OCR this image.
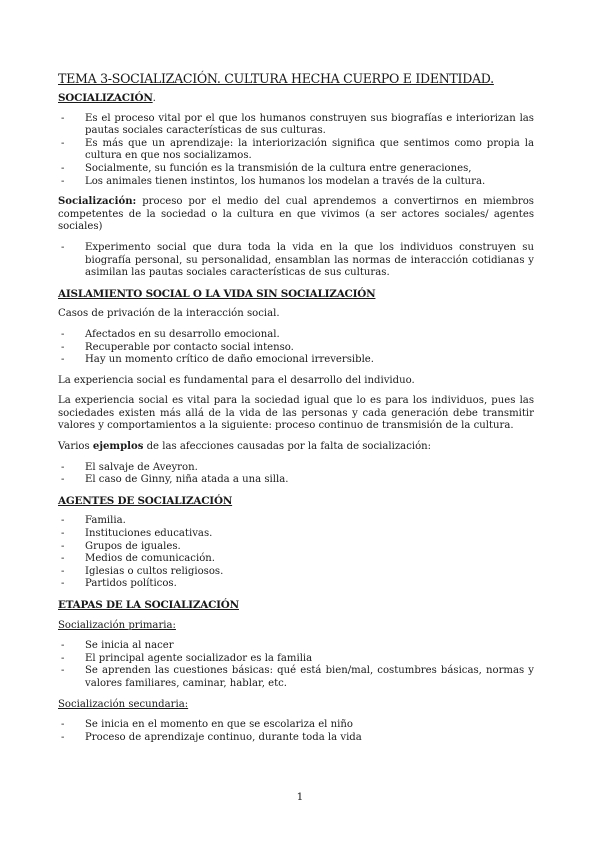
TEMA 3-SOCIALIZACIÓN. CULTURA HECHA CUERPO E IDENTIDAD.
SOCIALIZACIÓN.
- Es el proceso vital por el que los humanos construyen sus biografías e interiorizan las pautas sociales características de sus culturas.
- Es más que un aprendizaje: la interiorización significa que sentimos como propia la cultura en que nos socializamos.
- Socialmente, su función es la transmisión de la cultura entre generaciones,
- Los animales tienen instintos, los humanos los modelan a través de la cultura.

Socialización: proceso por el medio del cual aprendemos a convertirnos en miembros competentes de la sociedad o la cultura en que vivimos (a ser actores sociales/ agentes sociales)

- Experimento social que dura toda la vida en la que los individuos construyen su biografía personal, su personalidad, ensamblan las normas de interacción cotidianas y asimilan las pautas sociales características de sus culturas.
AISLAMIENTO SOCIAL O LA VIDA SIN SOCIALIZACIÓN

Casos de privación de la interacción social.

- Afectados en su desarrollo emocional.
- Recuperable por contacto social intenso.
- Hay un momento crítico de daño emocional irreversible.

La experiencia social es fundamental para el desarrollo del individuo.

La experiencia social es vital para la sociedad igual que lo es para los individuos, pues las sociedades existen más allá de la vida de las personas y cada generación debe transmitir valores y comportamientos a la siguiente: proceso continuo de transmisión de la cultura.

Varios ejemplos de las afecciones causadas por la falta de socialización:

- El salvaje de Aveyron.
- El caso de Ginny, niña atada a una silla.
AGENTES DE SOCIALIZACIÓN
- Familia.
- Instituciones educativas.
- Grupos de iguales.
- Medios de comunicación.
- Iglesias o cultos religiosos.
- Partidos políticos.
ETAPAS DE LA SOCIALIZACIÓN
Socialización primaria:
- Se inicia al nacer
- El principal agente socializador es la familia
- Se aprenden las cuestiones básicas: qué está bien/mal, costumbres básicas, normas y valores familiares, caminar, hablar, etc.
Socialización secundaria:
- Se inicia en el momento en que se escolariza el niño
- Proceso de aprendizaje continuo, durante toda la vida
1
